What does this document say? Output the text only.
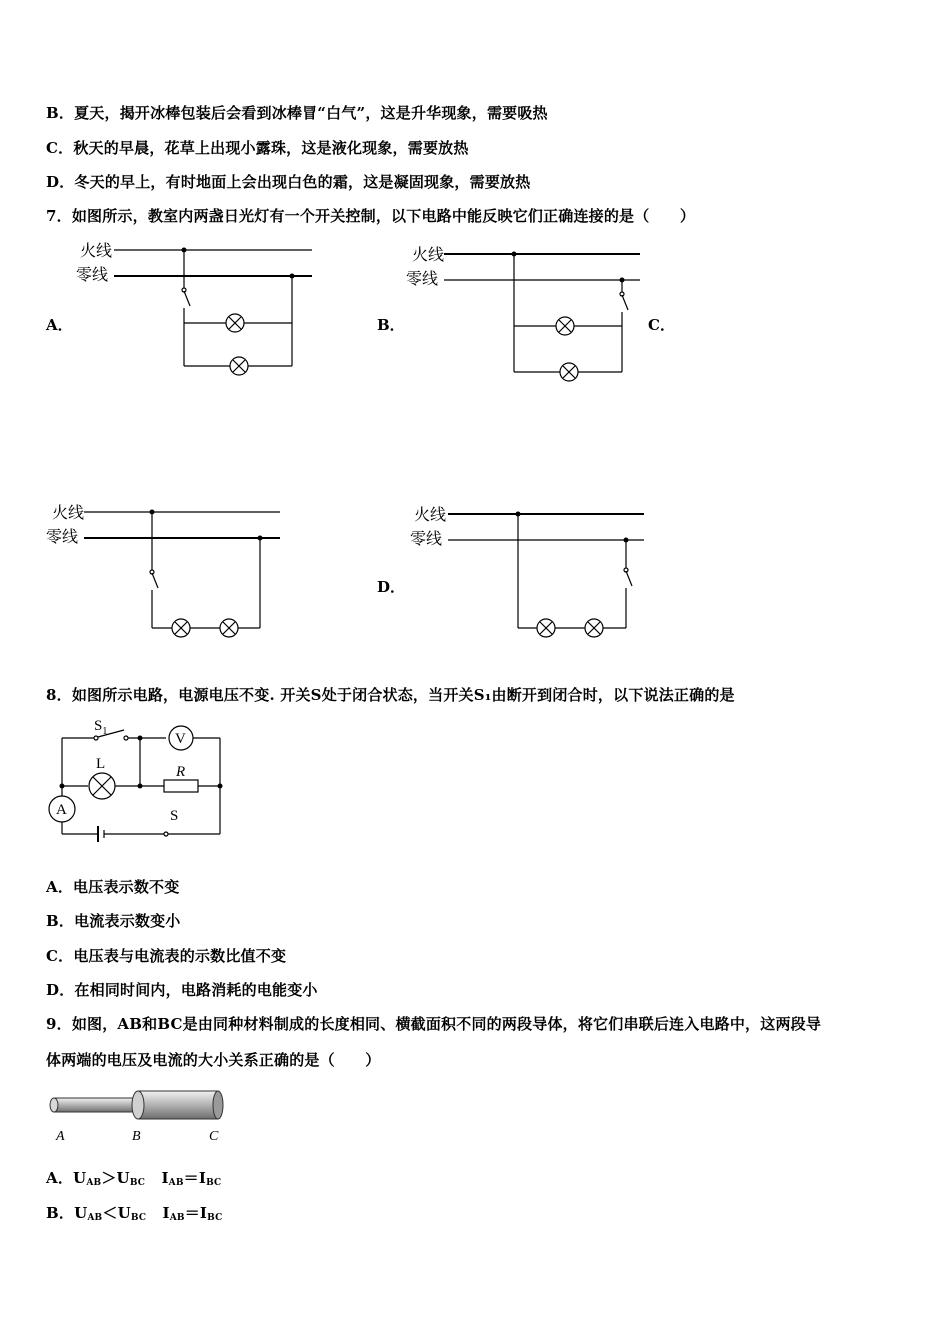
B．夏天，揭开冰棒包装后会看到冰棒冒“白气”，这是升华现象，需要吸热
C．秋天的早晨，花草上出现小露珠，这是液化现象，需要放热
D．冬天的早上，有时地面上会出现白色的霜，这是凝固现象，需要放热
7．如图所示，教室内两盏日光灯有一个开关控制，以下电路中能反映它们正确连接的是（　　）
火线
零线
A．
火线
零线
B．	C．
火线
零线
火线
零线
D．
8．如图所示电路，电源电压不变. 开关S处于闭合状态，当开关S₁由断开到闭合时，以下说法正确的是
$S_1$	V
L	R
A	S
A．电压表示数不变
B．电流表示数变小
C．电压表与电流表的示数比值不变
D．在相同时间内，电路消耗的电能变小
9．如图，AB和BC是由同种材料制成的长度相同、横截面积不同的两段导体，将它们串联后连入电路中，这两段导
体两端的电压及电流的大小关系正确的是（　　）
A	B	C
A．$U_{AB}>U_{BC}$ $I_{AB}=I_{BC}$
B．$U_{AB}<U_{BC}$ $I_{AB}=I_{BC}$
